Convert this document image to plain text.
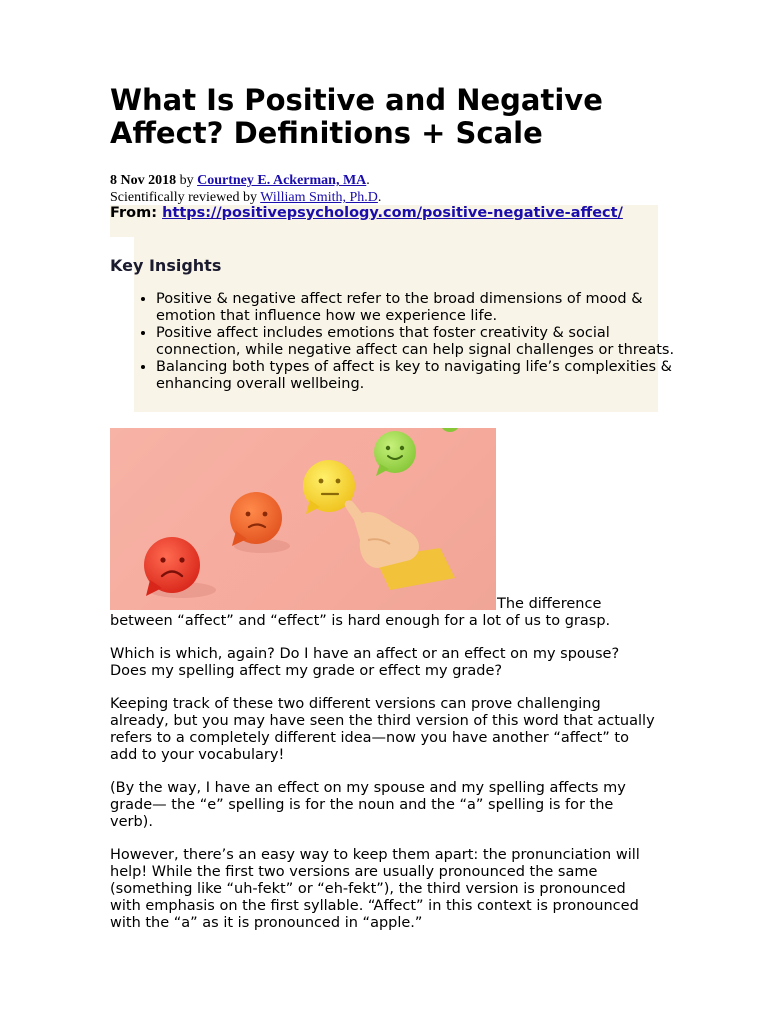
What Is Positive and Negative Affect? Definitions + Scale
8 Nov 2018 by Courtney E. Ackerman, MA.
Scientifically reviewed by William Smith, Ph.D.
From: https://positivepsychology.com/positive-negative-affect/
Key Insights
• Positive & negative affect refer to the broad dimensions of mood & emotion that influence how we experience life.
• Positive affect includes emotions that foster creativity & social connection, while negative affect can help signal challenges or threats.
• Balancing both types of affect is key to navigating life’s complexities & enhancing overall wellbeing.

The difference between “affect” and “effect” is hard enough for a lot of us to grasp.

Which is which, again? Do I have an affect or an effect on my spouse? Does my spelling affect my grade or effect my grade?

Keeping track of these two different versions can prove challenging already, but you may have seen the third version of this word that actually refers to a completely different idea—now you have another “affect” to add to your vocabulary!

(By the way, I have an effect on my spouse and my spelling affects my grade— the “e” spelling is for the noun and the “a” spelling is for the verb).

However, there’s an easy way to keep them apart: the pronunciation will help! While the first two versions are usually pronounced the same (something like “uh-fekt” or “eh-fekt”), the third version is pronounced with emphasis on the first syllable. “Affect” in this context is pronounced with the “a” as it is pronounced in “apple.”
